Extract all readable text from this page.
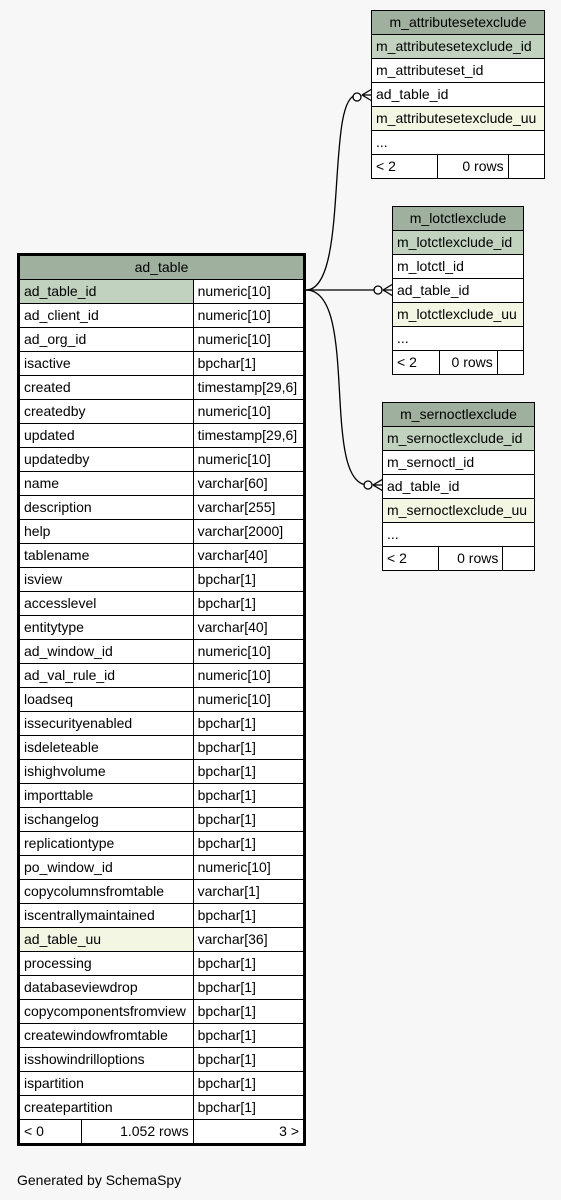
m_attributesetexclude
m_attributesetexclude_id
m_attributeset_id
ad_table_id
m_attributesetexclude_uu
...
< 2	0 rows	
m_lotctlexclude
m_lotctlexclude_id
m_lotctl_id
ad_table_id
m_lotctlexclude_uu
...
< 2	0 rows	
m_sernoctlexclude
m_sernoctlexclude_id
m_sernoctl_id
ad_table_id
m_sernoctlexclude_uu
...
< 2	0 rows	
ad_table		
ad_table_id		numeric[10]
ad_client_id		numeric[10]
ad_org_id		numeric[10]
isactive		bpchar[1]
created		timestamp[29,6]
createdby		numeric[10]
updated		timestamp[29,6]
updatedby		numeric[10]
name		varchar[60]
description		varchar[255]
help		varchar[2000]
tablename		varchar[40]
isview		bpchar[1]
accesslevel		bpchar[1]
entitytype		varchar[40]
ad_window_id		numeric[10]
ad_val_rule_id		numeric[10]
loadseq		numeric[10]
issecurityenabled		bpchar[1]
isdeleteable		bpchar[1]
ishighvolume		bpchar[1]
importtable		bpchar[1]
ischangelog		bpchar[1]
replicationtype		bpchar[1]
po_window_id		numeric[10]
copycolumnsfromtable		varchar[1]
iscentrallymaintained		bpchar[1]
ad_table_uu		varchar[36]
processing		bpchar[1]
databaseviewdrop		bpchar[1]
copycomponentsfromview		bpchar[1]
createwindowfromtable		bpchar[1]
isshowindrilloptions		bpchar[1]
ispartition		bpchar[1]
createpartition		bpchar[1]
< 0	1.052 rows	3 >
Generated by SchemaSpy
